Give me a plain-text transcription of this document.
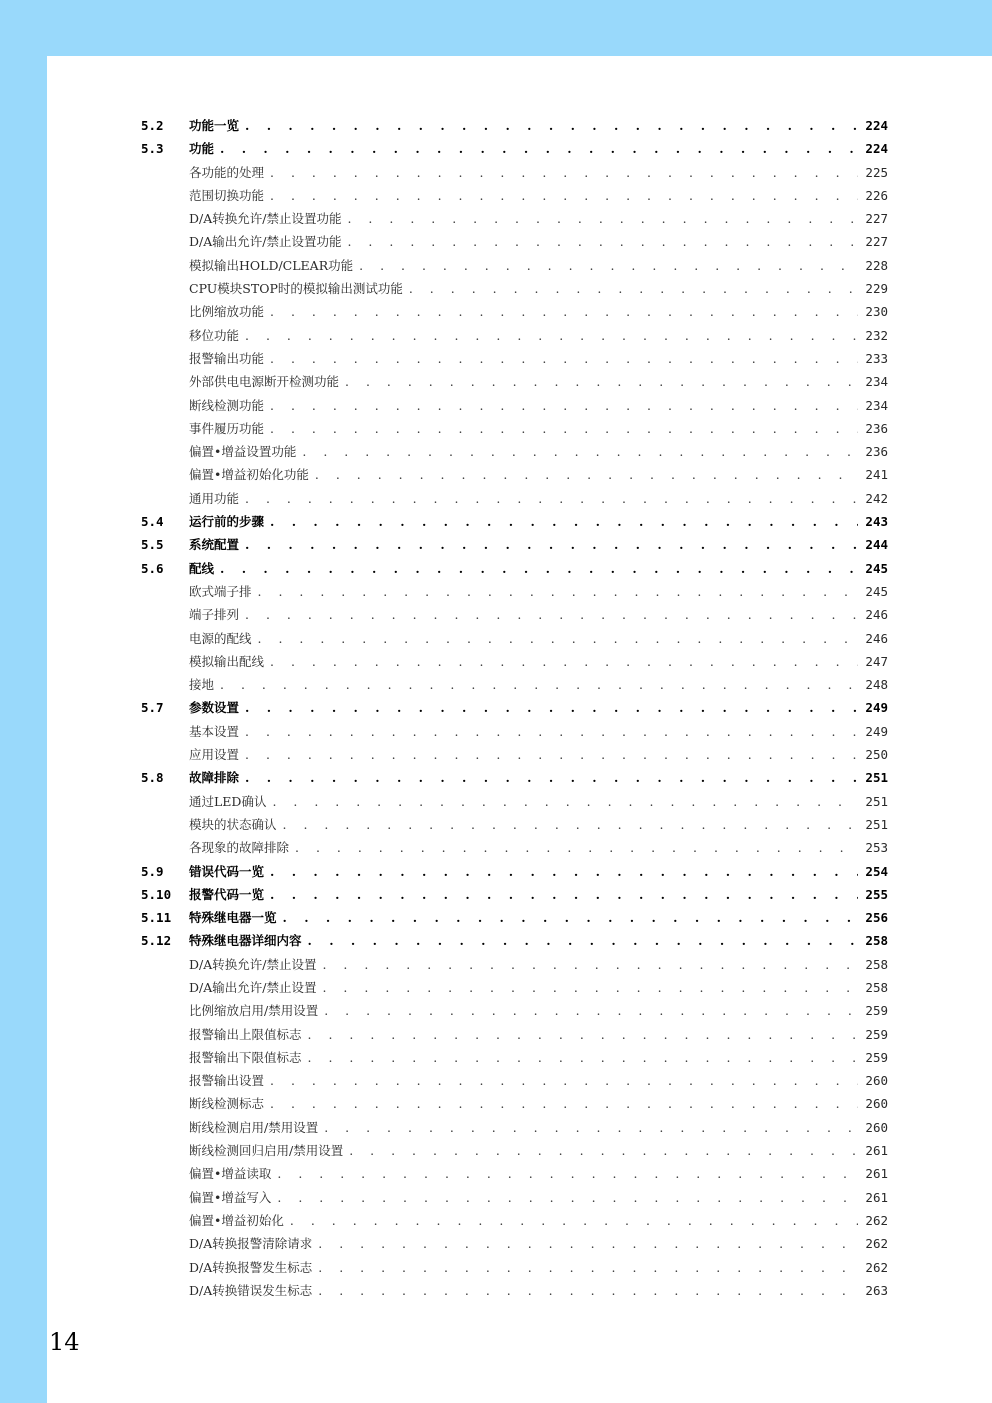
5.2	功能一览 . . .	224
5.3	功能 . . .	224
各功能的处理 . . .	225
范围切换功能 . . .	226
D/A转换允许/禁止设置功能 . . .	227
D/A输出允许/禁止设置功能 . . .	227
模拟输出HOLD/CLEAR功能 . . .	228
CPU模块STOP时的模拟输出测试功能 . . .	229
比例缩放功能 . . .	230
移位功能 . . .	232
报警输出功能 . . .	233
外部供电电源断开检测功能 . . .	234
断线检测功能 . . .	234
事件履历功能 . . .	236
偏置•增益设置功能 . . .	236
偏置•增益初始化功能 . . .	241
通用功能 . . .	242
5.4	运行前的步骤 . . .	243
5.5	系统配置 . . .	244
5.6	配线 . . .	245
欧式端子排 . . .	245
端子排列 . . .	246
电源的配线 . . .	246
模拟输出配线 . . .	247
接地 . . .	248
5.7	参数设置 . . .	249
基本设置 . . .	249
应用设置 . . .	250
5.8	故障排除 . . .	251
通过LED确认 . . .	251
模块的状态确认 . . .	251
各现象的故障排除 . . .	253
5.9	错误代码一览 . . .	254
5.10	报警代码一览 . . .	255
5.11	特殊继电器一览 . . .	256
5.12	特殊继电器详细内容 . . .	258
D/A转换允许/禁止设置 . . .	258
D/A输出允许/禁止设置 . . .	258
比例缩放启用/禁用设置 . . .	259
报警输出上限值标志 . . .	259
报警输出下限值标志 . . .	259
报警输出设置 . . .	260
断线检测标志 . . .	260
断线检测启用/禁用设置 . . .	260
断线检测回归启用/禁用设置 . . .	261
偏置•增益读取 . . .	261
偏置•增益写入 . . .	261
偏置•增益初始化 . . .	262
D/A转换报警清除请求 . . .	262
D/A转换报警发生标志 . . .	262
D/A转换错误发生标志 . . .	263
14
